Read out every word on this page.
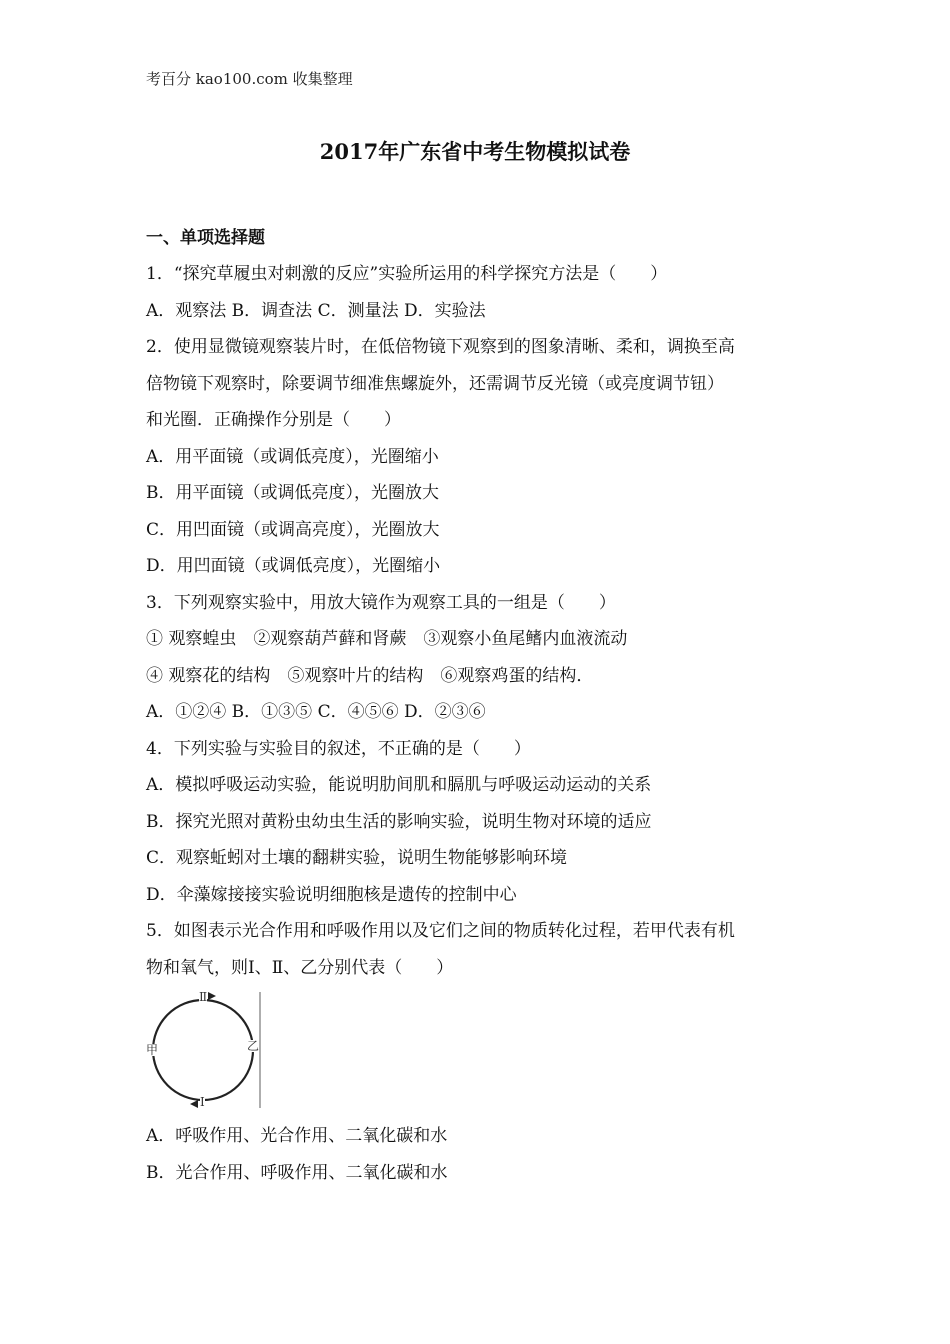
考百分 kao100.com 收集整理
2017年广东省中考生物模拟试卷
一、单项选择题
1．“探究草履虫对刺激的反应”实验所运用的科学探究方法是（　　）
A．观察法 B．调查法 C．测量法 D．实验法
2．使用显微镜观察装片时，在低倍物镜下观察到的图象清晰、柔和，调换至高
倍物镜下观察时，除要调节细准焦螺旋外，还需调节反光镜（或亮度调节钮）
和光圈．正确操作分别是（　　）
A．用平面镜（或调低亮度），光圈缩小
B．用平面镜（或调低亮度），光圈放大
C．用凹面镜（或调高亮度），光圈放大
D．用凹面镜（或调低亮度），光圈缩小
3．下列观察实验中，用放大镜作为观察工具的一组是（　　）
① 观察蝗虫　②观察葫芦藓和肾蕨　③观察小鱼尾鳍内血液流动
④ 观察花的结构　⑤观察叶片的结构　⑥观察鸡蛋的结构．
A．①②④ B．①③⑤ C．④⑤⑥ D．②③⑥
4．下列实验与实验目的叙述，不正确的是（　　）
A．模拟呼吸运动实验，能说明肋间肌和膈肌与呼吸运动运动的关系
B．探究光照对黄粉虫幼虫生活的影响实验，说明生物对环境的适应
C．观察蚯蚓对土壤的翻耕实验，说明生物能够影响环境
D．伞藻嫁接接实验说明细胞核是遗传的控制中心
5．如图表示光合作用和呼吸作用以及它们之间的物质转化过程，若甲代表有机
物和氧气，则Ⅰ、Ⅱ、乙分别代表（　　）
Ⅱ
甲	乙
Ⅰ
A．呼吸作用、光合作用、二氧化碳和水
B．光合作用、呼吸作用、二氧化碳和水
